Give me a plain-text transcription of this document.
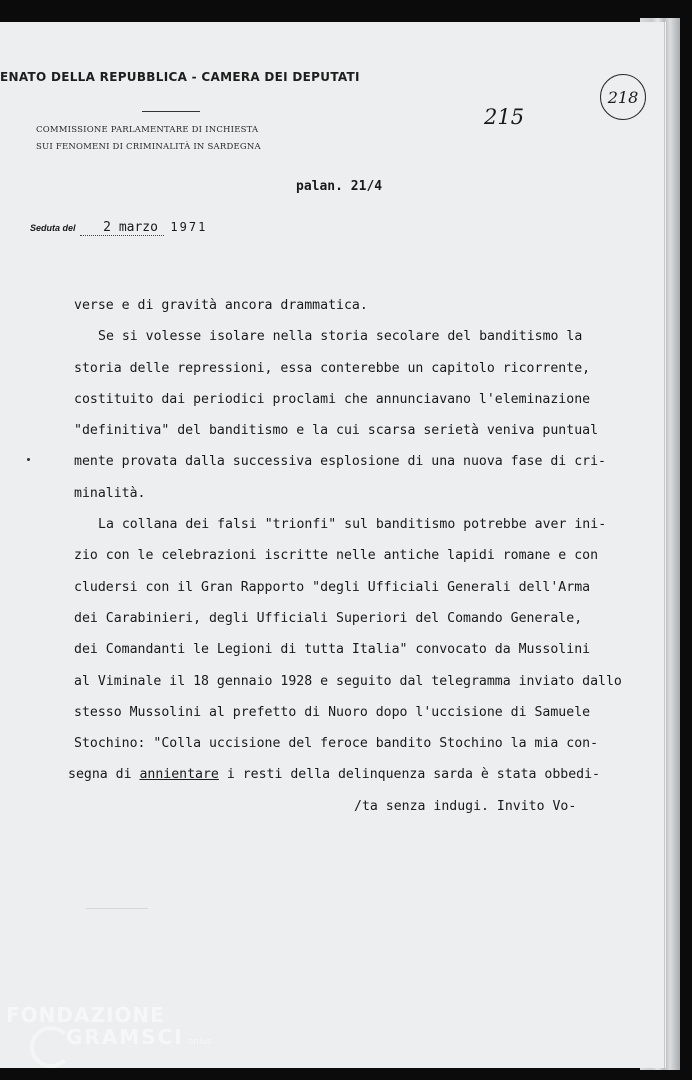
ENATO DELLA REPUBBLICA - CAMERA DEI DEPUTATI
COMMISSIONE PARLAMENTARE DI INCHIESTA
SUI FENOMENI DI CRIMINALITÀ IN SARDEGNA
215
218
palan. 21/4
Seduta del 2 marzo 1971
verse e di gravità ancora drammatica.
Se si volesse isolare nella storia secolare del banditismo la
storia delle repressioni, essa conterebbe un capitolo ricorrente,
costituito dai periodici proclami che annunciavano l'eleminazione
"definitiva" del banditismo e la cui scarsa serietà veniva puntual
mente provata dalla successiva esplosione di una nuova fase di cri-
minalità.
La collana dei falsi "trionfi" sul banditismo potrebbe aver ini-
zio con le celebrazioni iscritte nelle antiche lapidi romane e con
cludersi con il Gran Rapporto "degli Ufficiali Generali dell'Arma
dei Carabinieri, degli Ufficiali Superiori del Comando Generale,
dei Comandanti le Legioni di tutta Italia" convocato da Mussolini
al Viminale il 18 gennaio 1928 e seguito dal telegramma inviato dallo
stesso Mussolini al prefetto di Nuoro dopo l'uccisione di Samuele
Stochino: "Colla uccisione del feroce bandito Stochino la mia con-
segna di annientare i resti della delinquenza sarda è stata obbedi-
/ta senza indugi. Invito Vo-
FONDAZIONE
GRAMSCI onlus
